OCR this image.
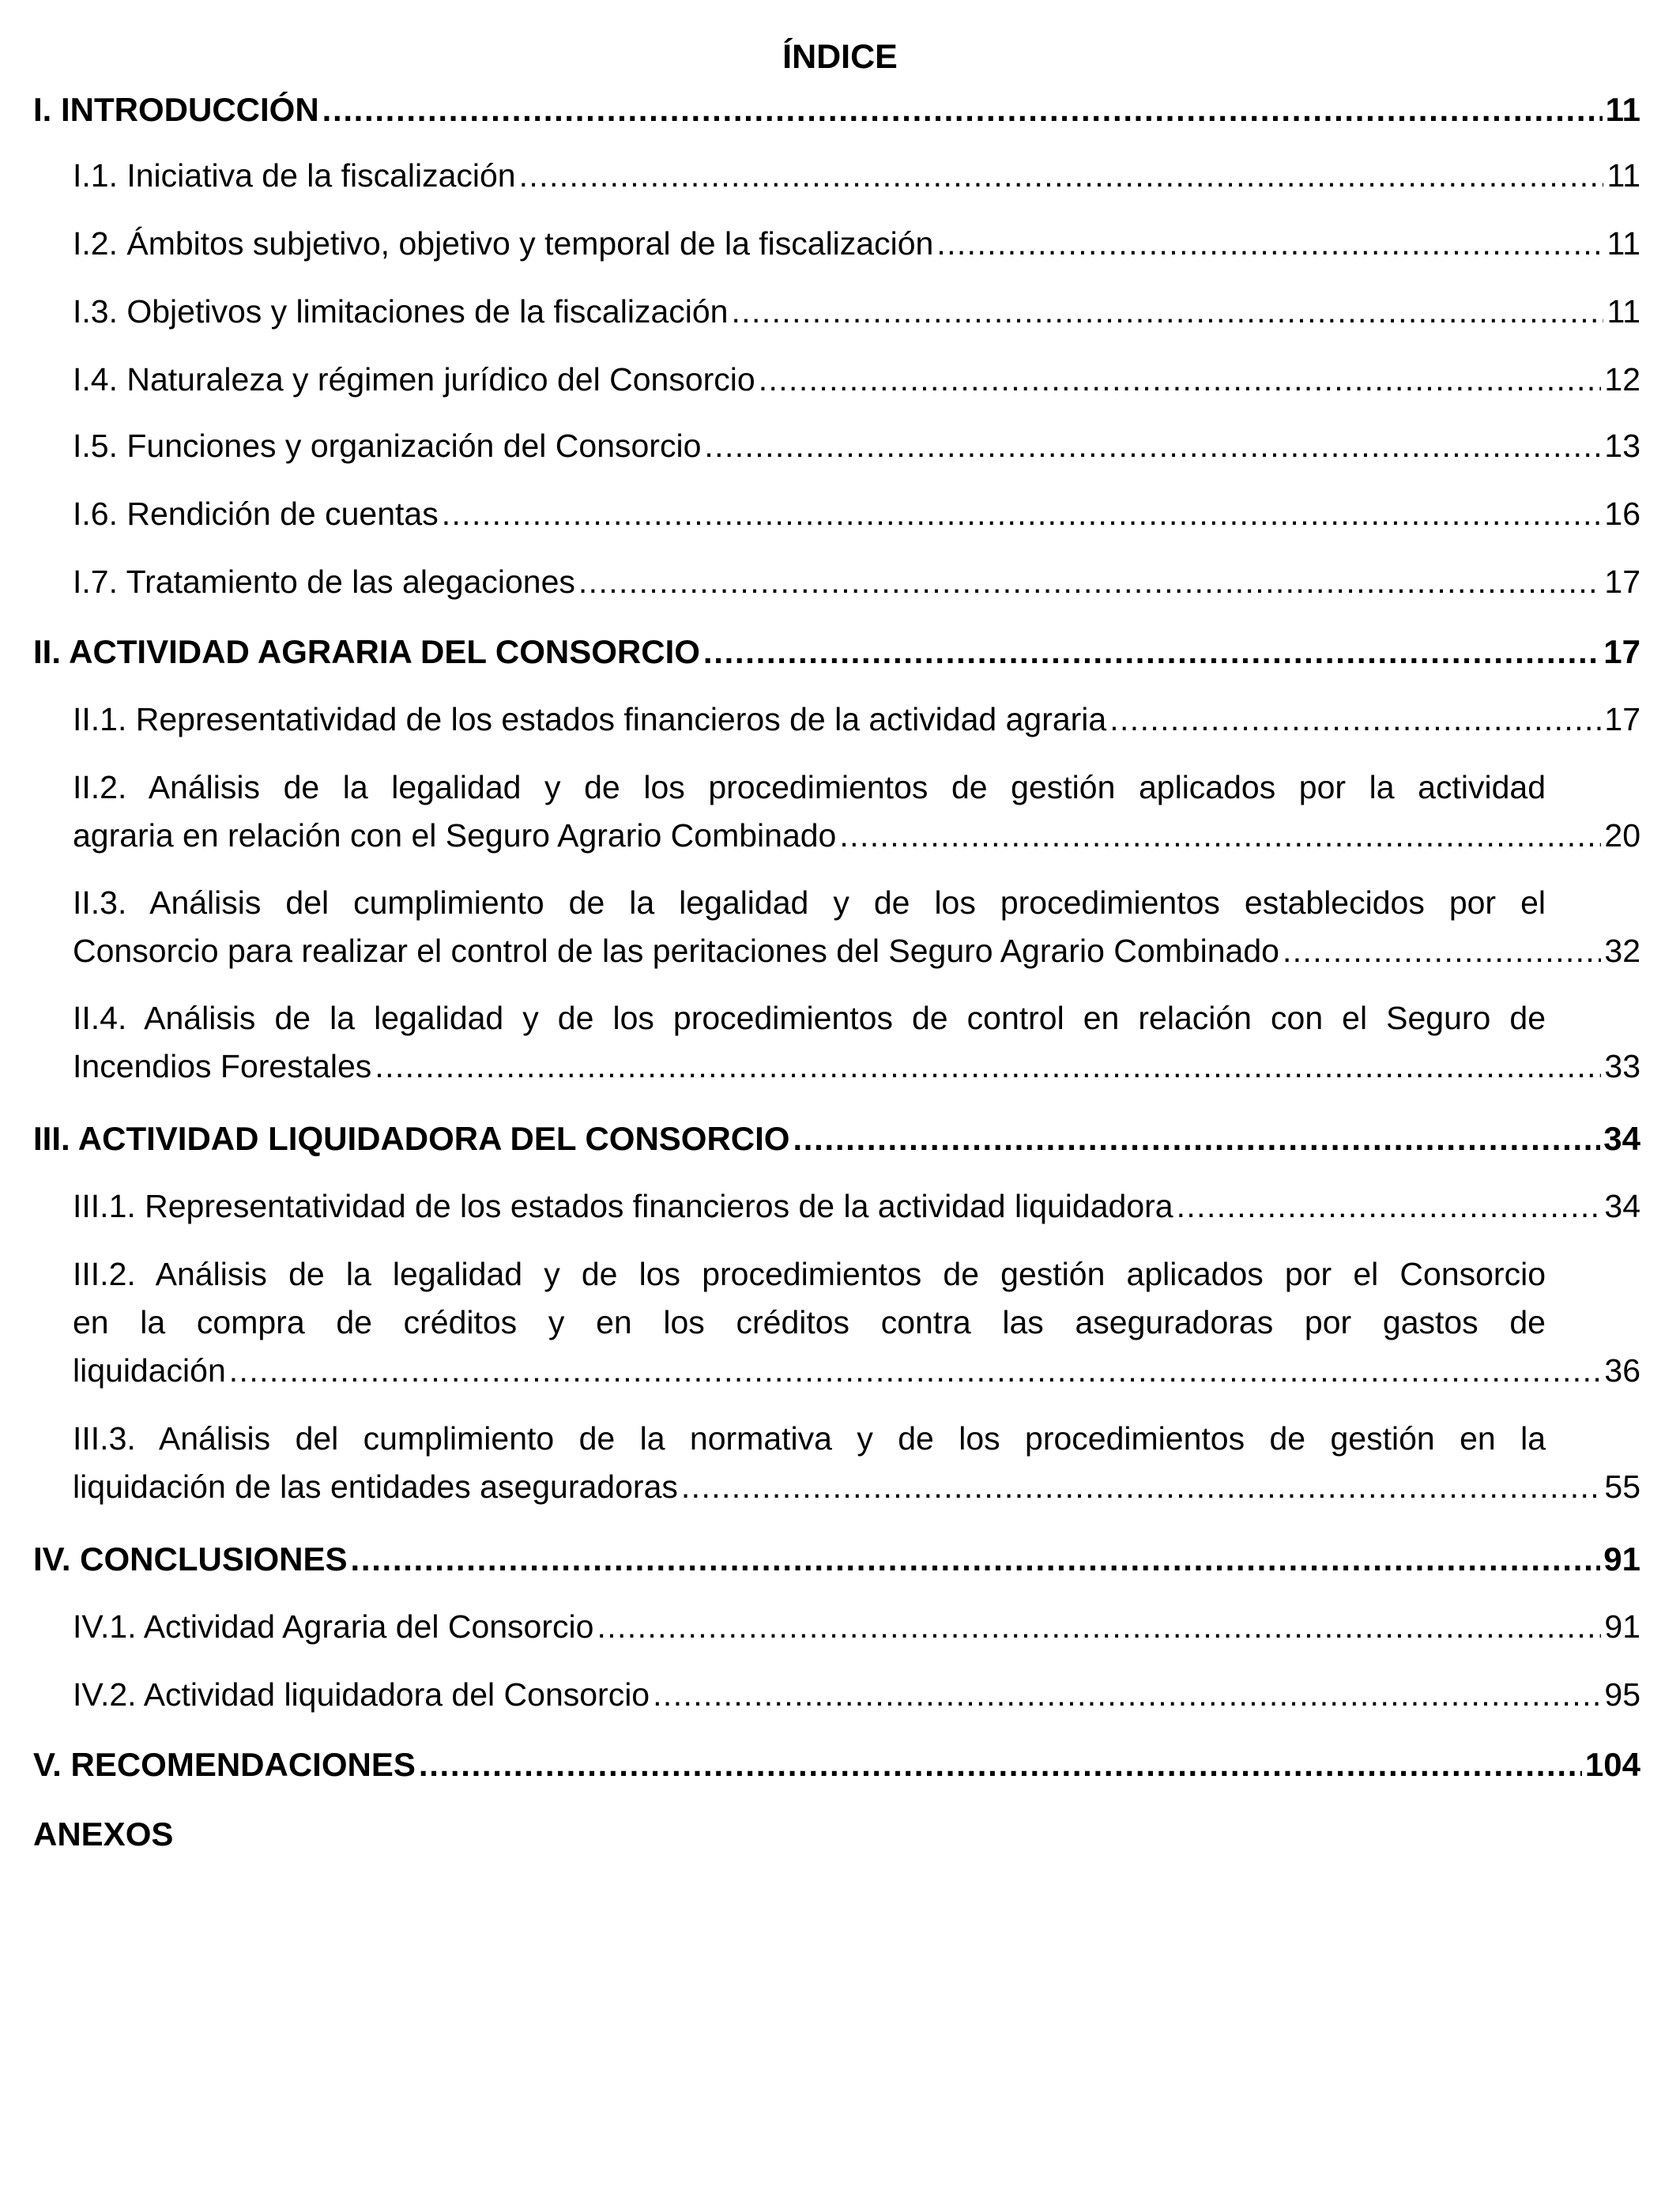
ÍNDICE
I. INTRODUCCIÓN . . .	11
I.1. Iniciativa de la fiscalización . . .	11
I.2. Ámbitos subjetivo, objetivo y temporal de la fiscalización . . .	11
I.3. Objetivos y limitaciones de la fiscalización . . .	11
I.4. Naturaleza y régimen jurídico del Consorcio . . .	12
I.5. Funciones y organización del Consorcio . . .	13
I.6. Rendición de cuentas . . .	16
I.7. Tratamiento de las alegaciones . . .	17
II. ACTIVIDAD AGRARIA DEL CONSORCIO . . .	17
II.1. Representatividad de los estados financieros de la actividad agraria . . .	17
II.2. Análisis de la legalidad y de los procedimientos de gestión aplicados por la actividad
agraria en relación con el Seguro Agrario Combinado . . .	20
II.3. Análisis del cumplimiento de la legalidad y de los procedimientos establecidos por el
Consorcio para realizar el control de las peritaciones del Seguro Agrario Combinado . . .	32
II.4. Análisis de la legalidad y de los procedimientos de control en relación con el Seguro de
Incendios Forestales . . .	33
III. ACTIVIDAD LIQUIDADORA DEL CONSORCIO . . .	34
III.1. Representatividad de los estados financieros de la actividad liquidadora . . .	34
III.2. Análisis de la legalidad y de los procedimientos de gestión aplicados por el Consorcio
en la compra de créditos y en los créditos contra las aseguradoras por gastos de
liquidación . . .	36
III.3. Análisis del cumplimiento de la normativa y de los procedimientos de gestión en la
liquidación de las entidades aseguradoras . . .	55
IV. CONCLUSIONES . . .	91
IV.1. Actividad Agraria del Consorcio . . .	91
IV.2. Actividad liquidadora del Consorcio . . .	95
V. RECOMENDACIONES . . .	104
ANEXOS
